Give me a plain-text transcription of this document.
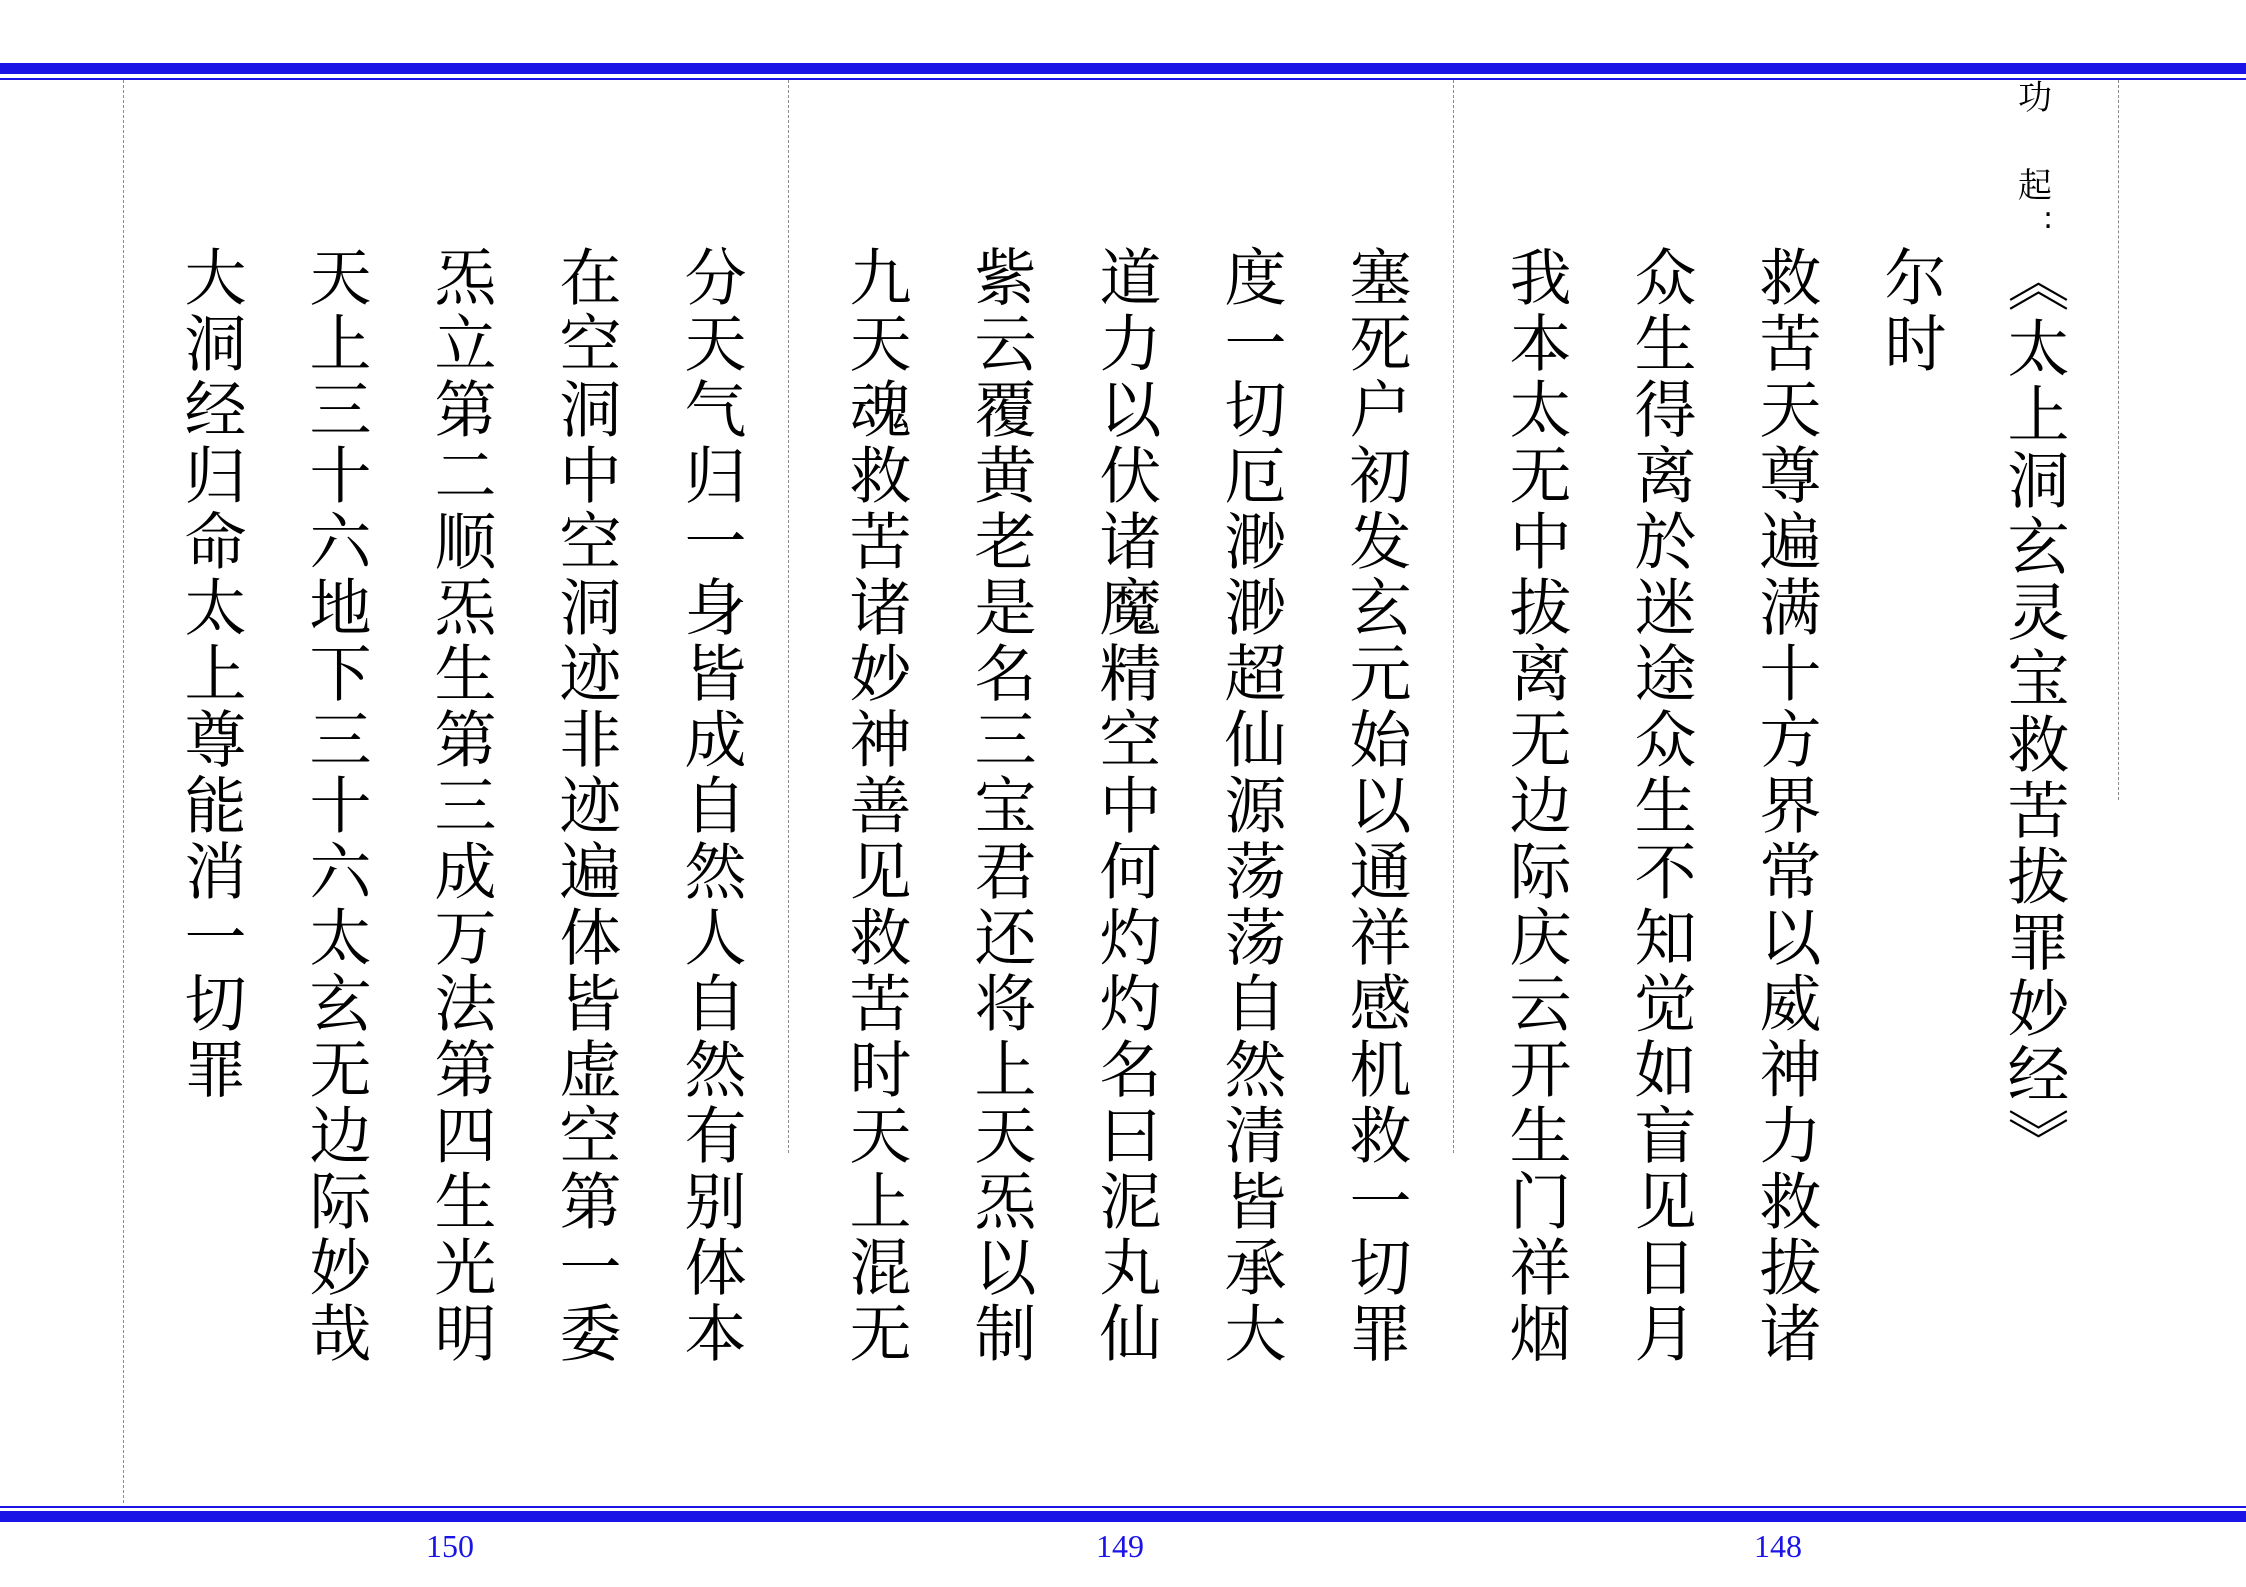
功
起
:
《太上洞玄灵宝救苦拔罪妙经》
尔时
救苦天尊遍满十方界常以威神力救拔诸
众生得离於迷途众生不知觉如盲见日月
我本太无中拔离无边际庆云开生门祥烟
塞死户初发玄元始以通祥感机救一切罪
度一切厄渺渺超仙源荡荡自然清皆承大
道力以伏诸魔精空中何灼灼名曰泥丸仙
紫云覆黄老是名三宝君还将上天炁以制
九天魂救苦诸妙神善见救苦时天上混无
分天气归一身皆成自然人自然有别体本
在空洞中空洞迹非迹遍体皆虚空第一委
炁立第二顺炁生第三成万法第四生光明
天上三十六地下三十六太玄无边际妙哉
大洞经归命太上尊能消一切罪
150	149	148
